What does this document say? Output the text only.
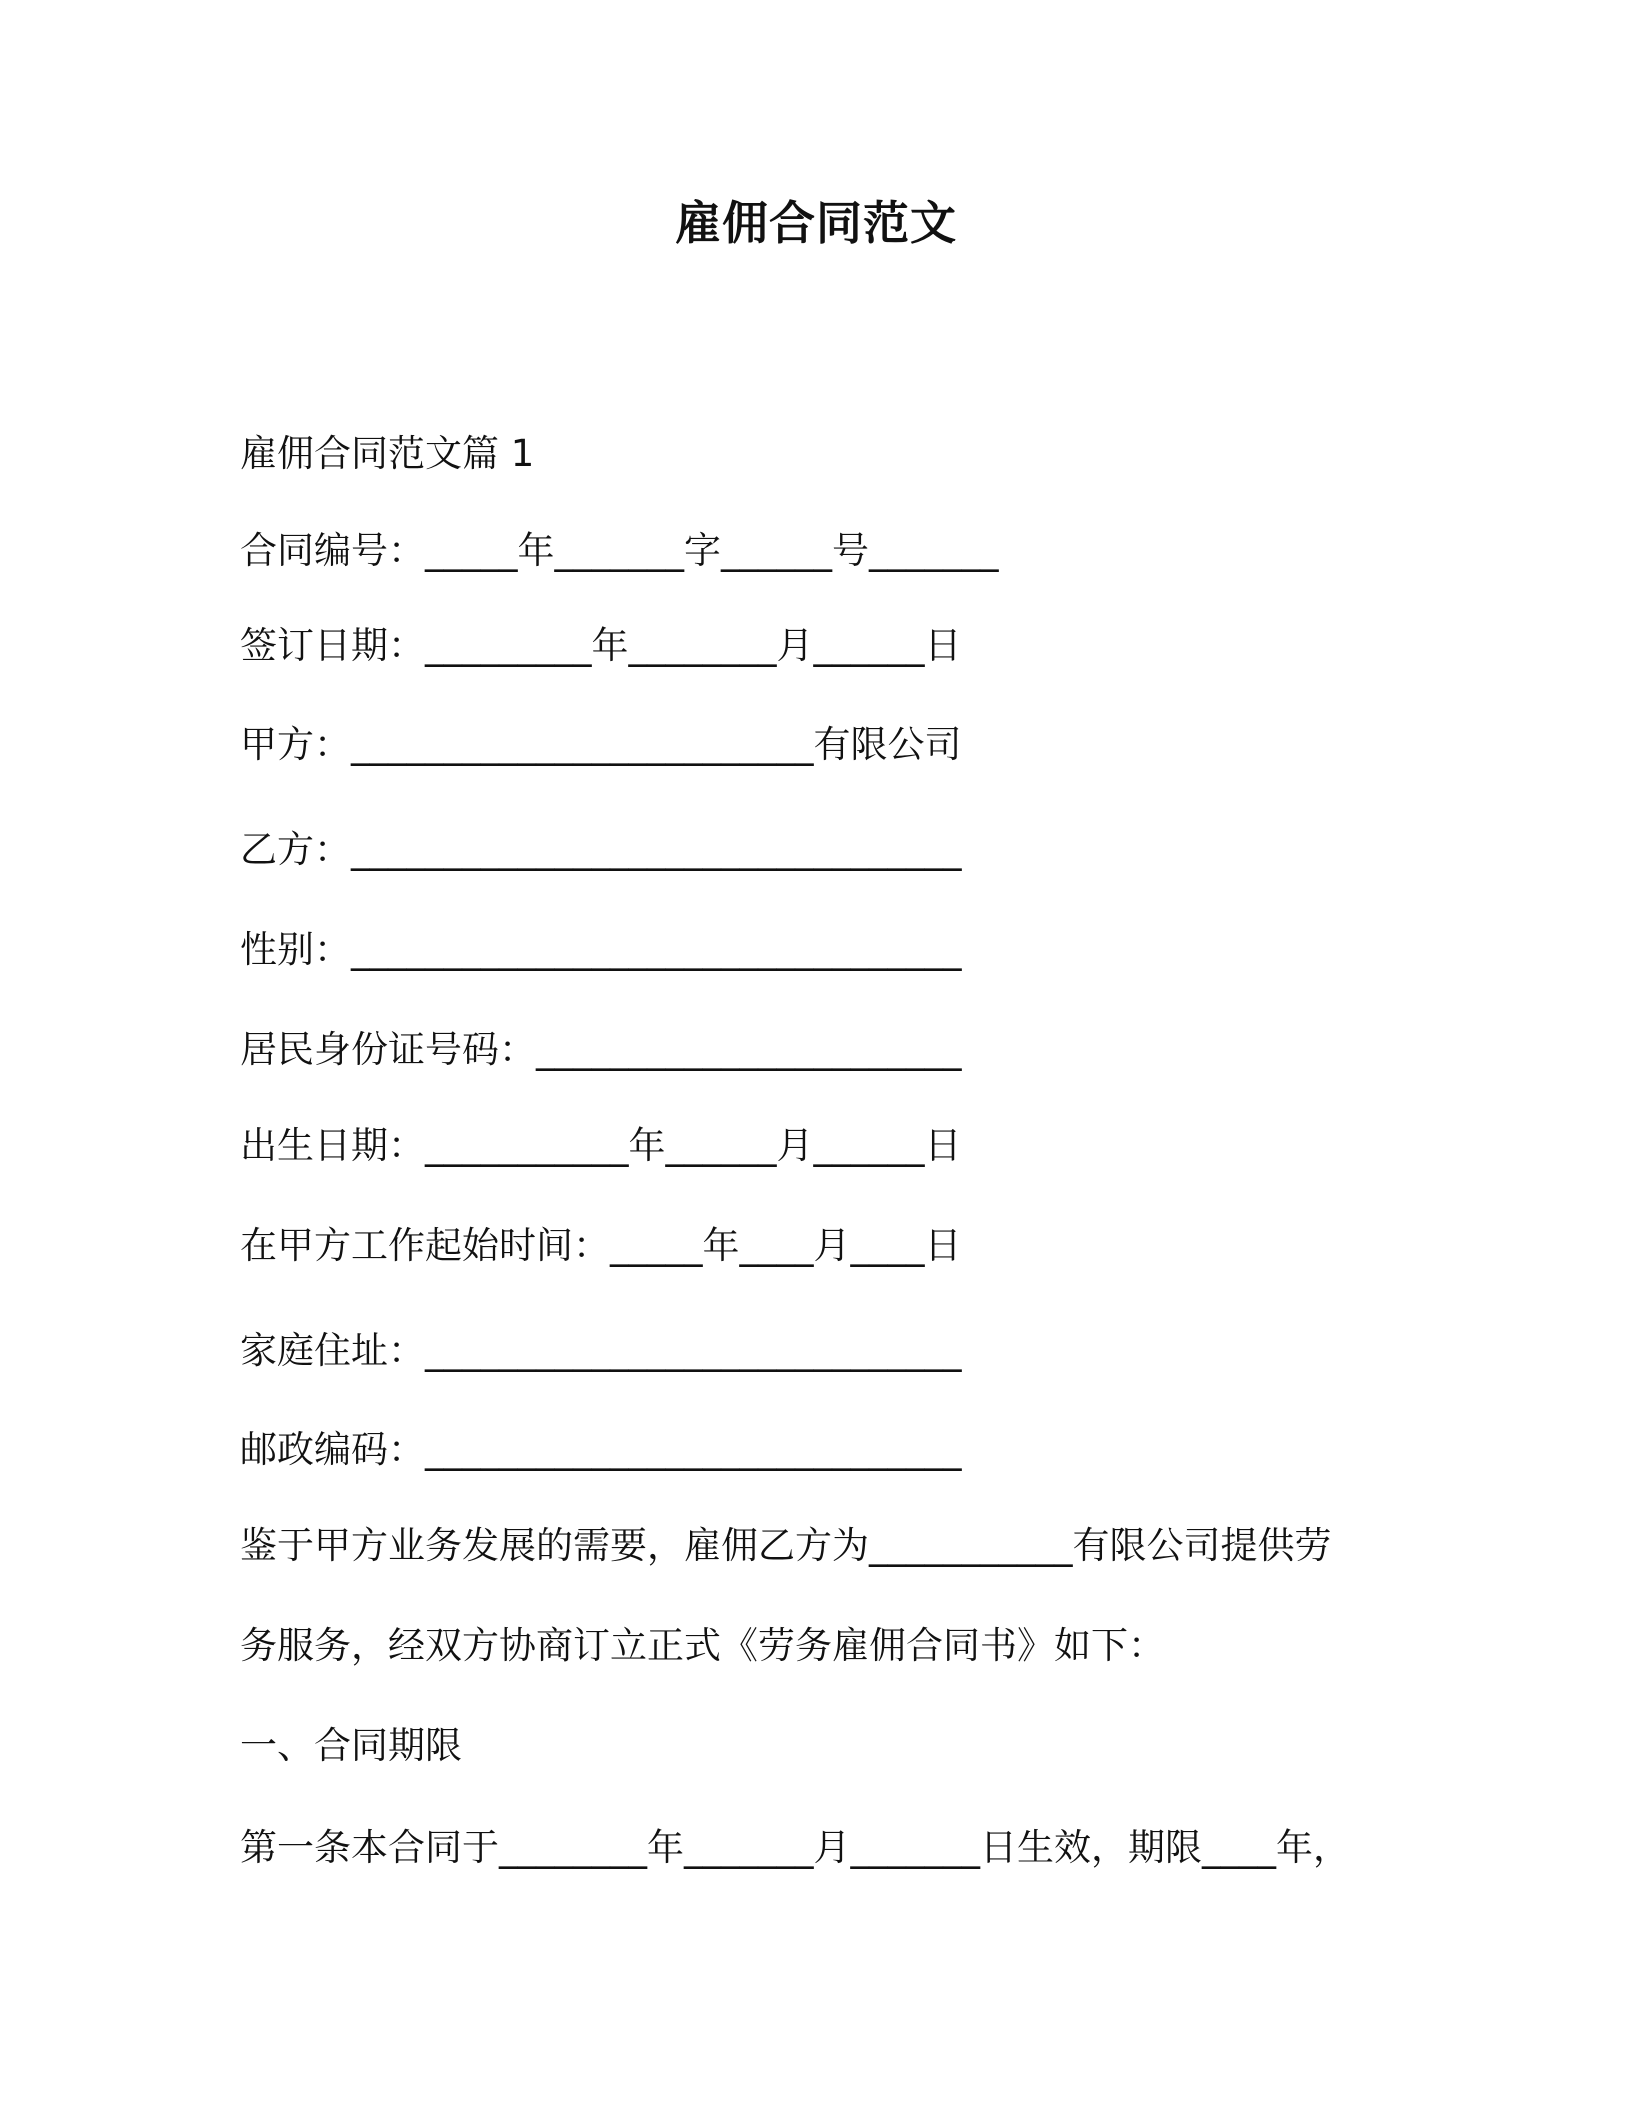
雇佣合同范文

雇佣合同范文篇 1

合同编号：_____年_______字______号_______

签订日期：_________年________月______日

甲方：_________________________有限公司

乙方：_________________________________

性别：_________________________________

居民身份证号码：_______________________

出生日期：___________年______月______日

在甲方工作起始时间：_____年____月____日

家庭住址：_____________________________

邮政编码：_____________________________

鉴于甲方业务发展的需要，雇佣乙方为___________有限公司提供劳

务服务，经双方协商订立正式《劳务雇佣合同书》如下：

一、合同期限

第一条本合同于________年_______月_______日生效，期限____年，
